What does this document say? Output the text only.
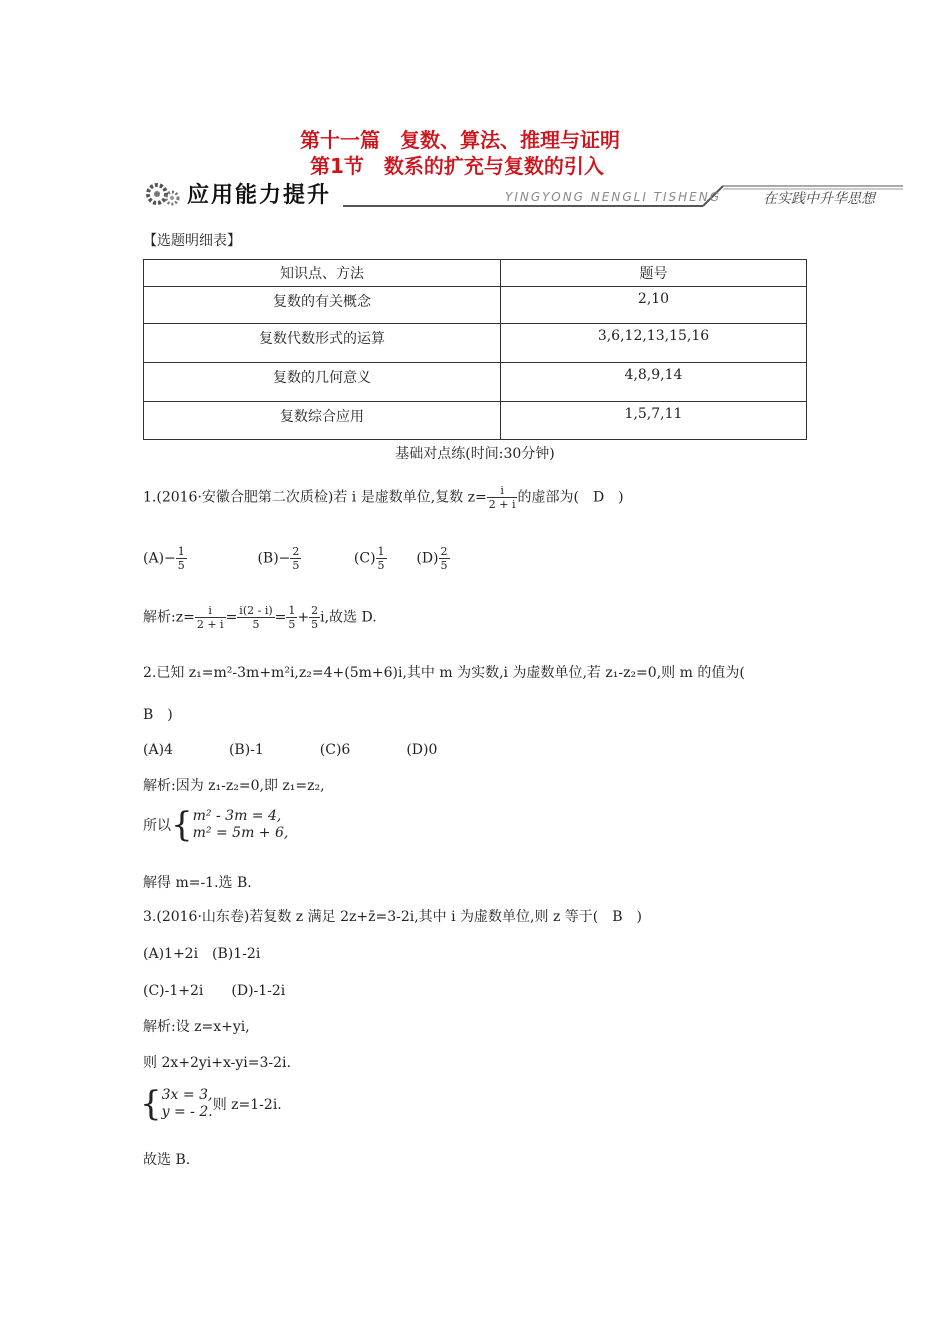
第十一篇　复数、算法、推理与证明
第1节　数系的扩充与复数的引入
应用能力提升	YINGYONG NENGLI TISHENG	在实践中升华思想
【选题明细表】
知识点、方法	题号
复数的有关概念	2,10
复数代数形式的运算	3,6,12,13,15,16
复数的几何意义	4,8,9,14
复数综合应用	1,5,7,11
基础对点练(时间:30分钟)
1.(2016·安徽合肥第二次质检)若 i 是虚数单位,复数 $z= \frac{i}{2 + i}$ 的虚部为(　D　)
$(A)- \frac{1}{5}$	$(B)- \frac{2}{5}$	$(C) \frac{1}{5} (D) \frac{2}{5}$
解析:z= $\frac{i}{2 + i} = \frac{i(2 - i)}{5} = \frac{1}{5} + \frac{2}{5} i$,故选 D.
2.已知 z₁=m²-3m+m²i,z₂=4+(5m+6)i,其中 m 为实数,i 为虚数单位,若 z₁-z₂=0,则 m 的值为(
B　)
(A)4　　　　(B)-1　　　　(C)6　　　　(D)0
解析:因为 z₁-z₂=0,即 z₁=z₂,
所以{ m² - 3m = 4,
m² = 5m + 6,
解得 m=-1.选 B.
3.(2016·山东卷)若复数 z 满足 2z+z̄=3-2i,其中 i 为虚数单位,则 z 等于(　B　)
(A)1+2i　(B)1-2i
(C)-1+2i　　(D)-1-2i
解析:设 z=x+yi,
则 2x+2yi+x-yi=3-2i.
{ 3x = 3,
y = - 2. 则 z=1-2i.
故选 B.
